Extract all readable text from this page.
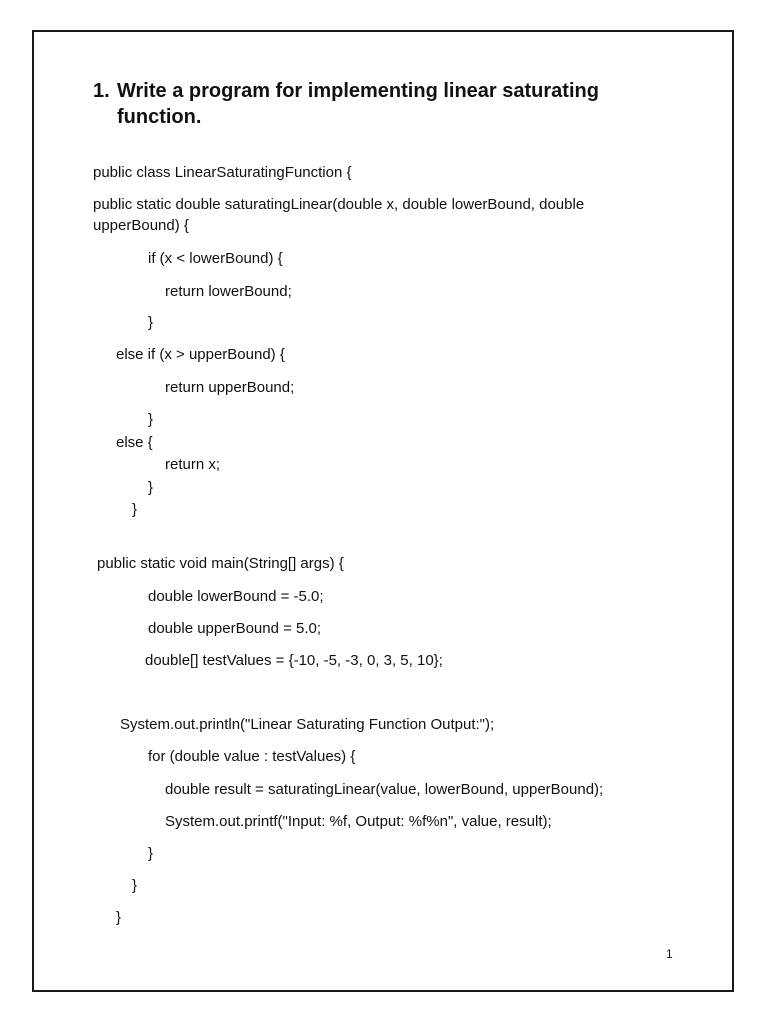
1. Write a program for implementing linear saturating
function.

public class LinearSaturatingFunction {

public static double saturatingLinear(double x, double lowerBound, double

upperBound) {

if (x < lowerBound) {

return lowerBound;

}

else if (x > upperBound) {

return upperBound;

}

else {

return x;

}

}

public static void main(String[] args) {

double lowerBound = -5.0;

double upperBound = 5.0;

double[] testValues = {-10, -5, -3, 0, 3, 5, 10};

System.out.println("Linear Saturating Function Output:");

for (double value : testValues) {

double result = saturatingLinear(value, lowerBound, upperBound);

System.out.printf("Input: %f, Output: %f%n", value, result);

}

}

}

1
